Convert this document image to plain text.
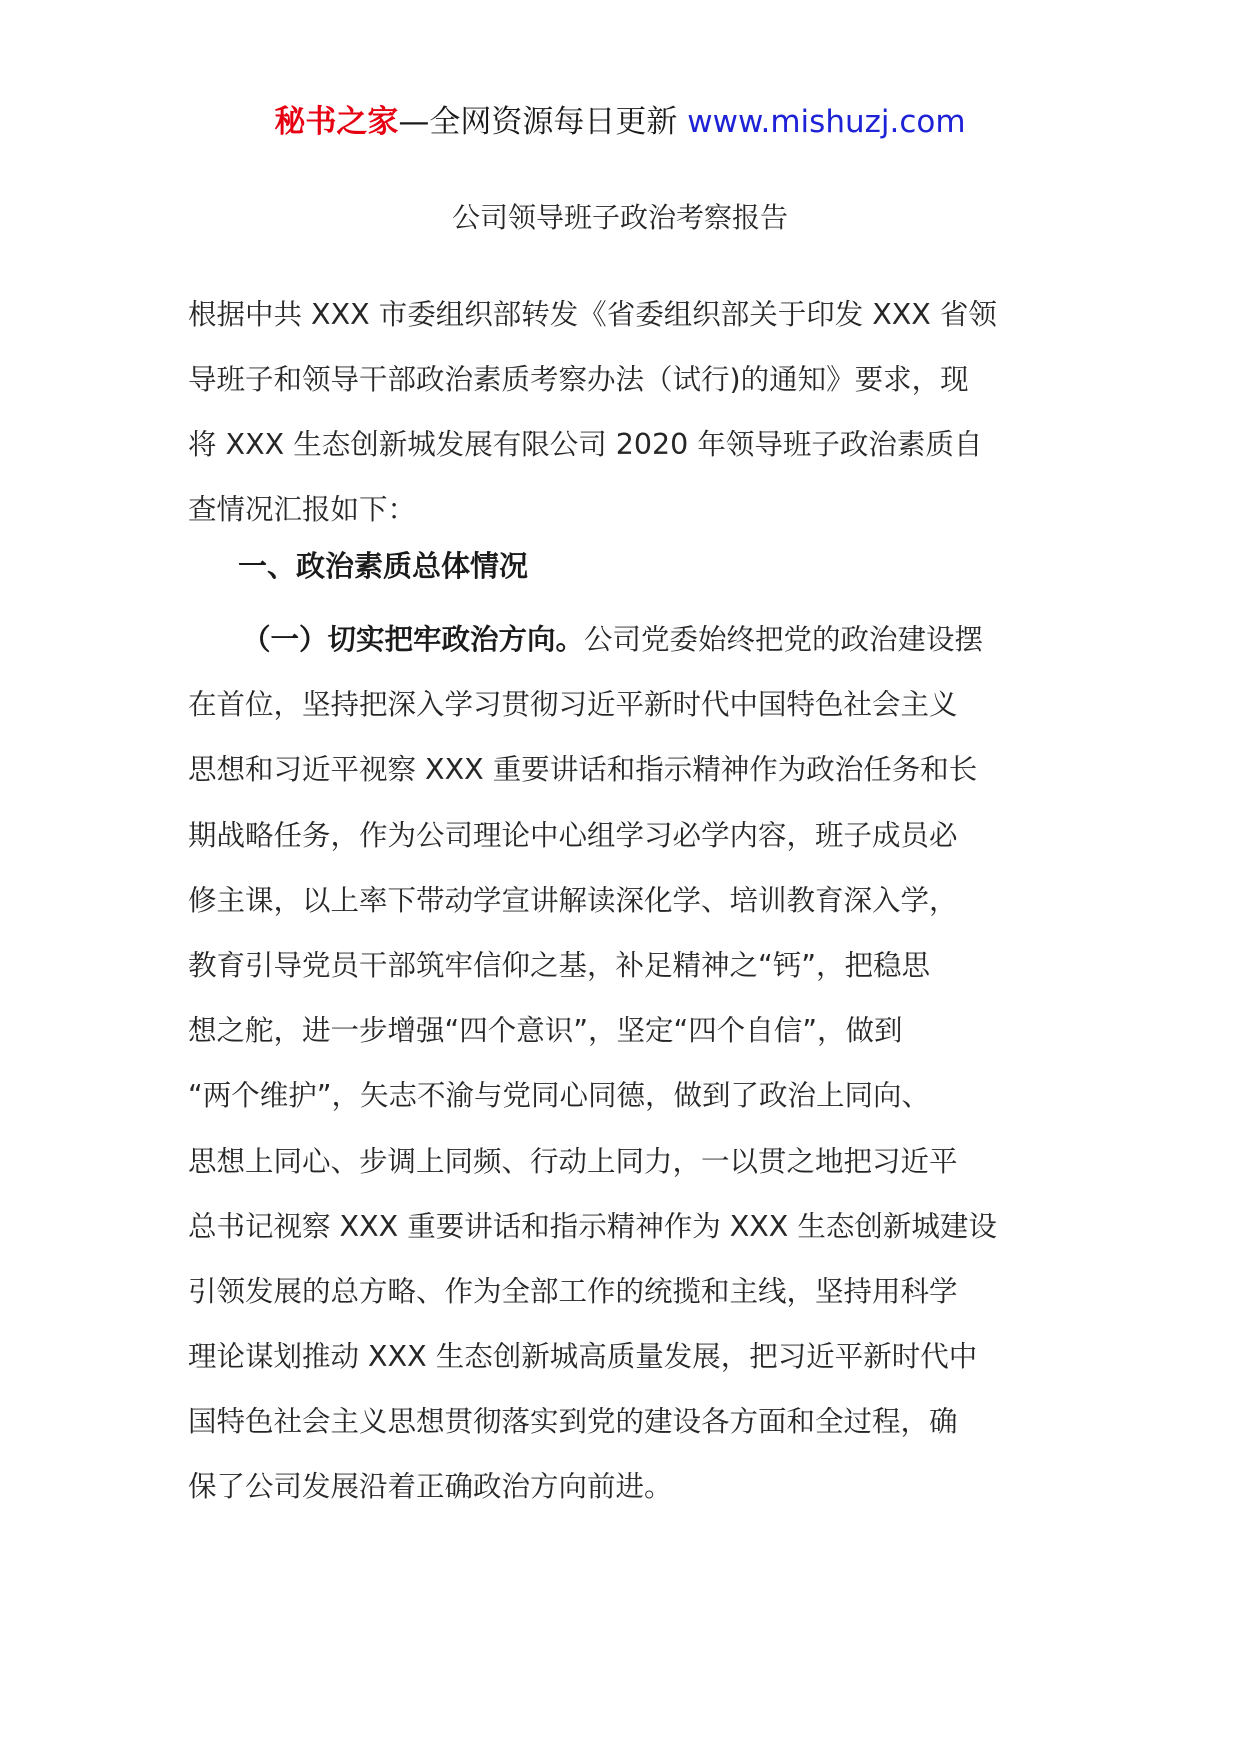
秘书之家—全网资源每日更新 www.mishuzj.com
公司领导班子政治考察报告
根据中共 XXX 市委组织部转发《省委组织部关于印发 XXX 省领
导班子和领导干部政治素质考察办法（试行)的通知》要求，现
将 XXX 生态创新城发展有限公司 2020 年领导班子政治素质自
查情况汇报如下：
一、政治素质总体情况
（一）切实把牢政治方向。公司党委始终把党的政治建设摆
在首位，坚持把深入学习贯彻习近平新时代中国特色社会主义
思想和习近平视察 XXX 重要讲话和指示精神作为政治任务和长
期战略任务，作为公司理论中心组学习必学内容，班子成员必
修主课，以上率下带动学宣讲解读深化学、培训教育深入学，
教育引导党员干部筑牢信仰之基，补足精神之“钙”，把稳思
想之舵，进一步增强“四个意识”，坚定“四个自信”，做到
“两个维护”，矢志不渝与党同心同德，做到了政治上同向、
思想上同心、步调上同频、行动上同力，一以贯之地把习近平
总书记视察 XXX 重要讲话和指示精神作为 XXX 生态创新城建设
引领发展的总方略、作为全部工作的统揽和主线，坚持用科学
理论谋划推动 XXX 生态创新城高质量发展，把习近平新时代中
国特色社会主义思想贯彻落实到党的建设各方面和全过程，确
保了公司发展沿着正确政治方向前进。
